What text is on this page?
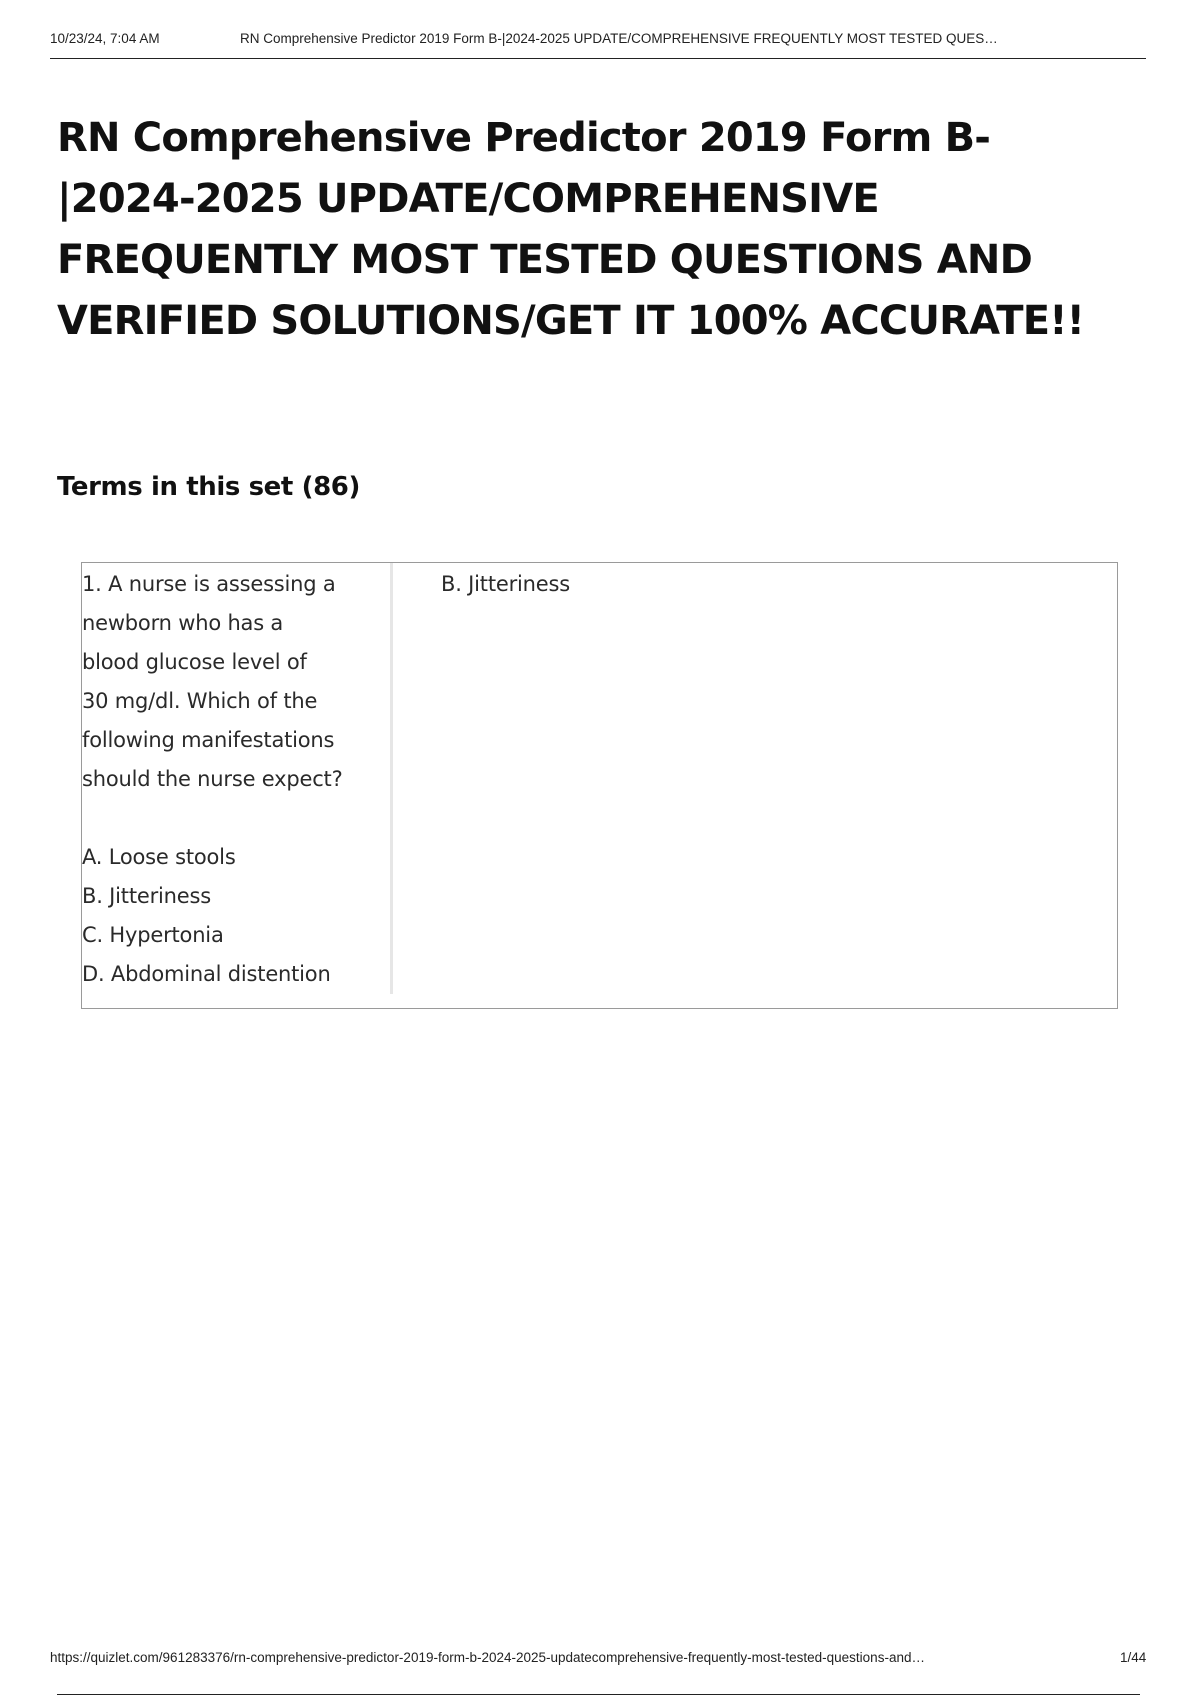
10/23/24, 7:04 AM	RN Comprehensive Predictor 2019 Form B-|2024-2025 UPDATE/COMPREHENSIVE FREQUENTLY MOST TESTED QUES…
RN Comprehensive Predictor 2019 Form B-
|2024-2025 UPDATE/COMPREHENSIVE
FREQUENTLY MOST TESTED QUESTIONS AND
VERIFIED SOLUTIONS/GET IT 100% ACCURATE!!
Terms in this set (86)
1. A nurse is assessing a
newborn who has a
blood glucose level of
30 mg/dl. Which of the
following manifestations
should the nurse expect?
A. Loose stools
B. Jitteriness
C. Hypertonia
D. Abdominal distention
B. Jitteriness
https://quizlet.com/961283376/rn-comprehensive-predictor-2019-form-b-2024-2025-updatecomprehensive-frequently-most-tested-questions-and…	1/44
